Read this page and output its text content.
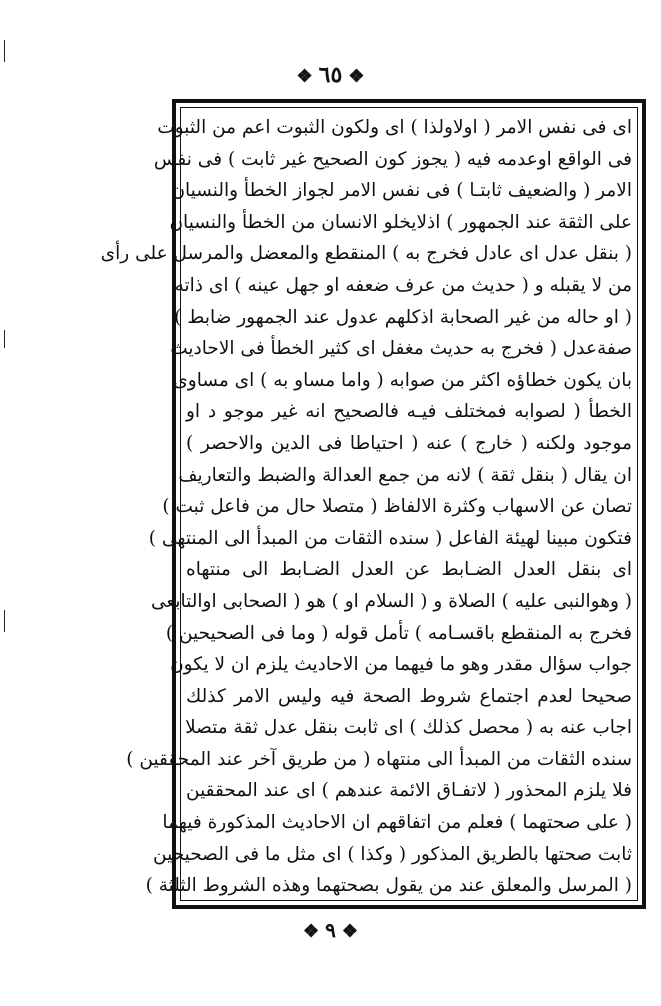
❖٦٥❖
اى فى نفس الامر ( اولاولذا ) اى ولكون الثبوت اعم من الثبوت
فى الواقع اوعدمه فيه ( يجوز كون الصحيح غير ثابت ) فى نفس
الامر ( والضعيف ثابتـا ) فى نفس الامر لجواز الخطأ والنسيان
على الثقة عند الجمهور ) اذلايخلو الانسان من الخطأ والنسيان
( بنقل عدل اى عادل فخرج به ) المنقطع والمعضل والمرسل على رأى
من لا يقبله و ( حديث من عرف ضعفه او جهل عينه ) اى ذاته
( او حاله من غير الصحابة اذكلهم عدول عند الجمهور ضابط )
صفةعدل ( فخرج به حديث مغفل اى كثير الخطأ فى الاحاديث
بان يكون خطاؤه اكثر من صوابه ( واما مساو به ) اى مساوى
الخطأ ( لصوابه فمختلف فيـه فالصحيح انه غير موجو د او
موجود ولكنه ( خارج ) عنه ( احتياطا فى الدين والاحصر )
ان يقال ( بنقل ثقة ) لانه من جمع العدالة والضبط والتعاريف
تصان عن الاسهاب وكثرة الالفاظ ( متصلا حال من فاعل ثبت )
فتكون مبينا لهيئة الفاعل ( سنده الثقات من المبدأ الى المنتهى )
اى بنقل العدل الضـابط عن العدل الضـابط الى منتهاه
( وهوالنبى عليه ) الصلاة و ( السلام او ) هو ( الصحابى اوالتابعى
فخرج به المنقطع باقسـامه ) تأمل قوله ( وما فى الصحيحين )
جواب سؤال مقدر وهو ما فيهما من الاحاديث يلزم ان لا يكون
صحيحا لعدم اجتماع شروط الصحة فيه وليس الامر كذلك
اجاب عنه به ( محصل كذلك ) اى ثابت بنقل عدل ثقة متصلا
سنده الثقات من المبدأ الى منتهاه ( من طريق آخر عند المحققين )
فلا يلزم المحذور ( لاتفـاق الائمة عندهم ) اى عند المحققين
( على صحتهما ) فعلم من اتفاقهم ان الاحاديث المذكورة فيهما
ثابت صحتها بالطريق المذكور ( وكذا ) اى مثل ما فى الصحيحين
( المرسل والمعلق عند من يقول بصحتهما وهذه الشروط الثلثة )
❖٩❖
